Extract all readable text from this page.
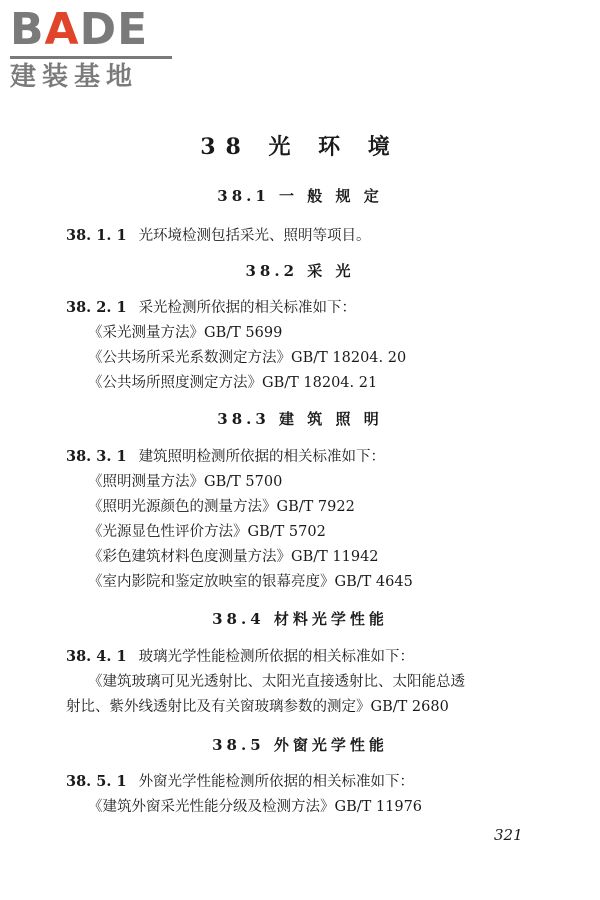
BADE
建装基地
38 光 环 境
38.1 一 般 规 定

38. 1. 1 光环境检测包括采光、照明等项目。

38.2 采 光

38. 2. 1 采光检测所依据的相关标准如下：

《采光测量方法》GB/T 5699

《公共场所采光系数测定方法》GB/T 18204. 20

《公共场所照度测定方法》GB/T 18204. 21

38.3 建 筑 照 明

38. 3. 1 建筑照明检测所依据的相关标准如下：

《照明测量方法》GB/T 5700

《照明光源颜色的测量方法》GB/T 7922

《光源显色性评价方法》GB/T 5702

《彩色建筑材料色度测量方法》GB/T 11942

《室内影院和鉴定放映室的银幕亮度》GB/T 4645

38.4 材料光学性能

38. 4. 1 玻璃光学性能检测所依据的相关标准如下：

《建筑玻璃可见光透射比、太阳光直接透射比、太阳能总透

射比、紫外线透射比及有关窗玻璃参数的测定》GB/T 2680

38.5 外窗光学性能

38. 5. 1 外窗光学性能检测所依据的相关标准如下：

《建筑外窗采光性能分级及检测方法》GB/T 11976

321
